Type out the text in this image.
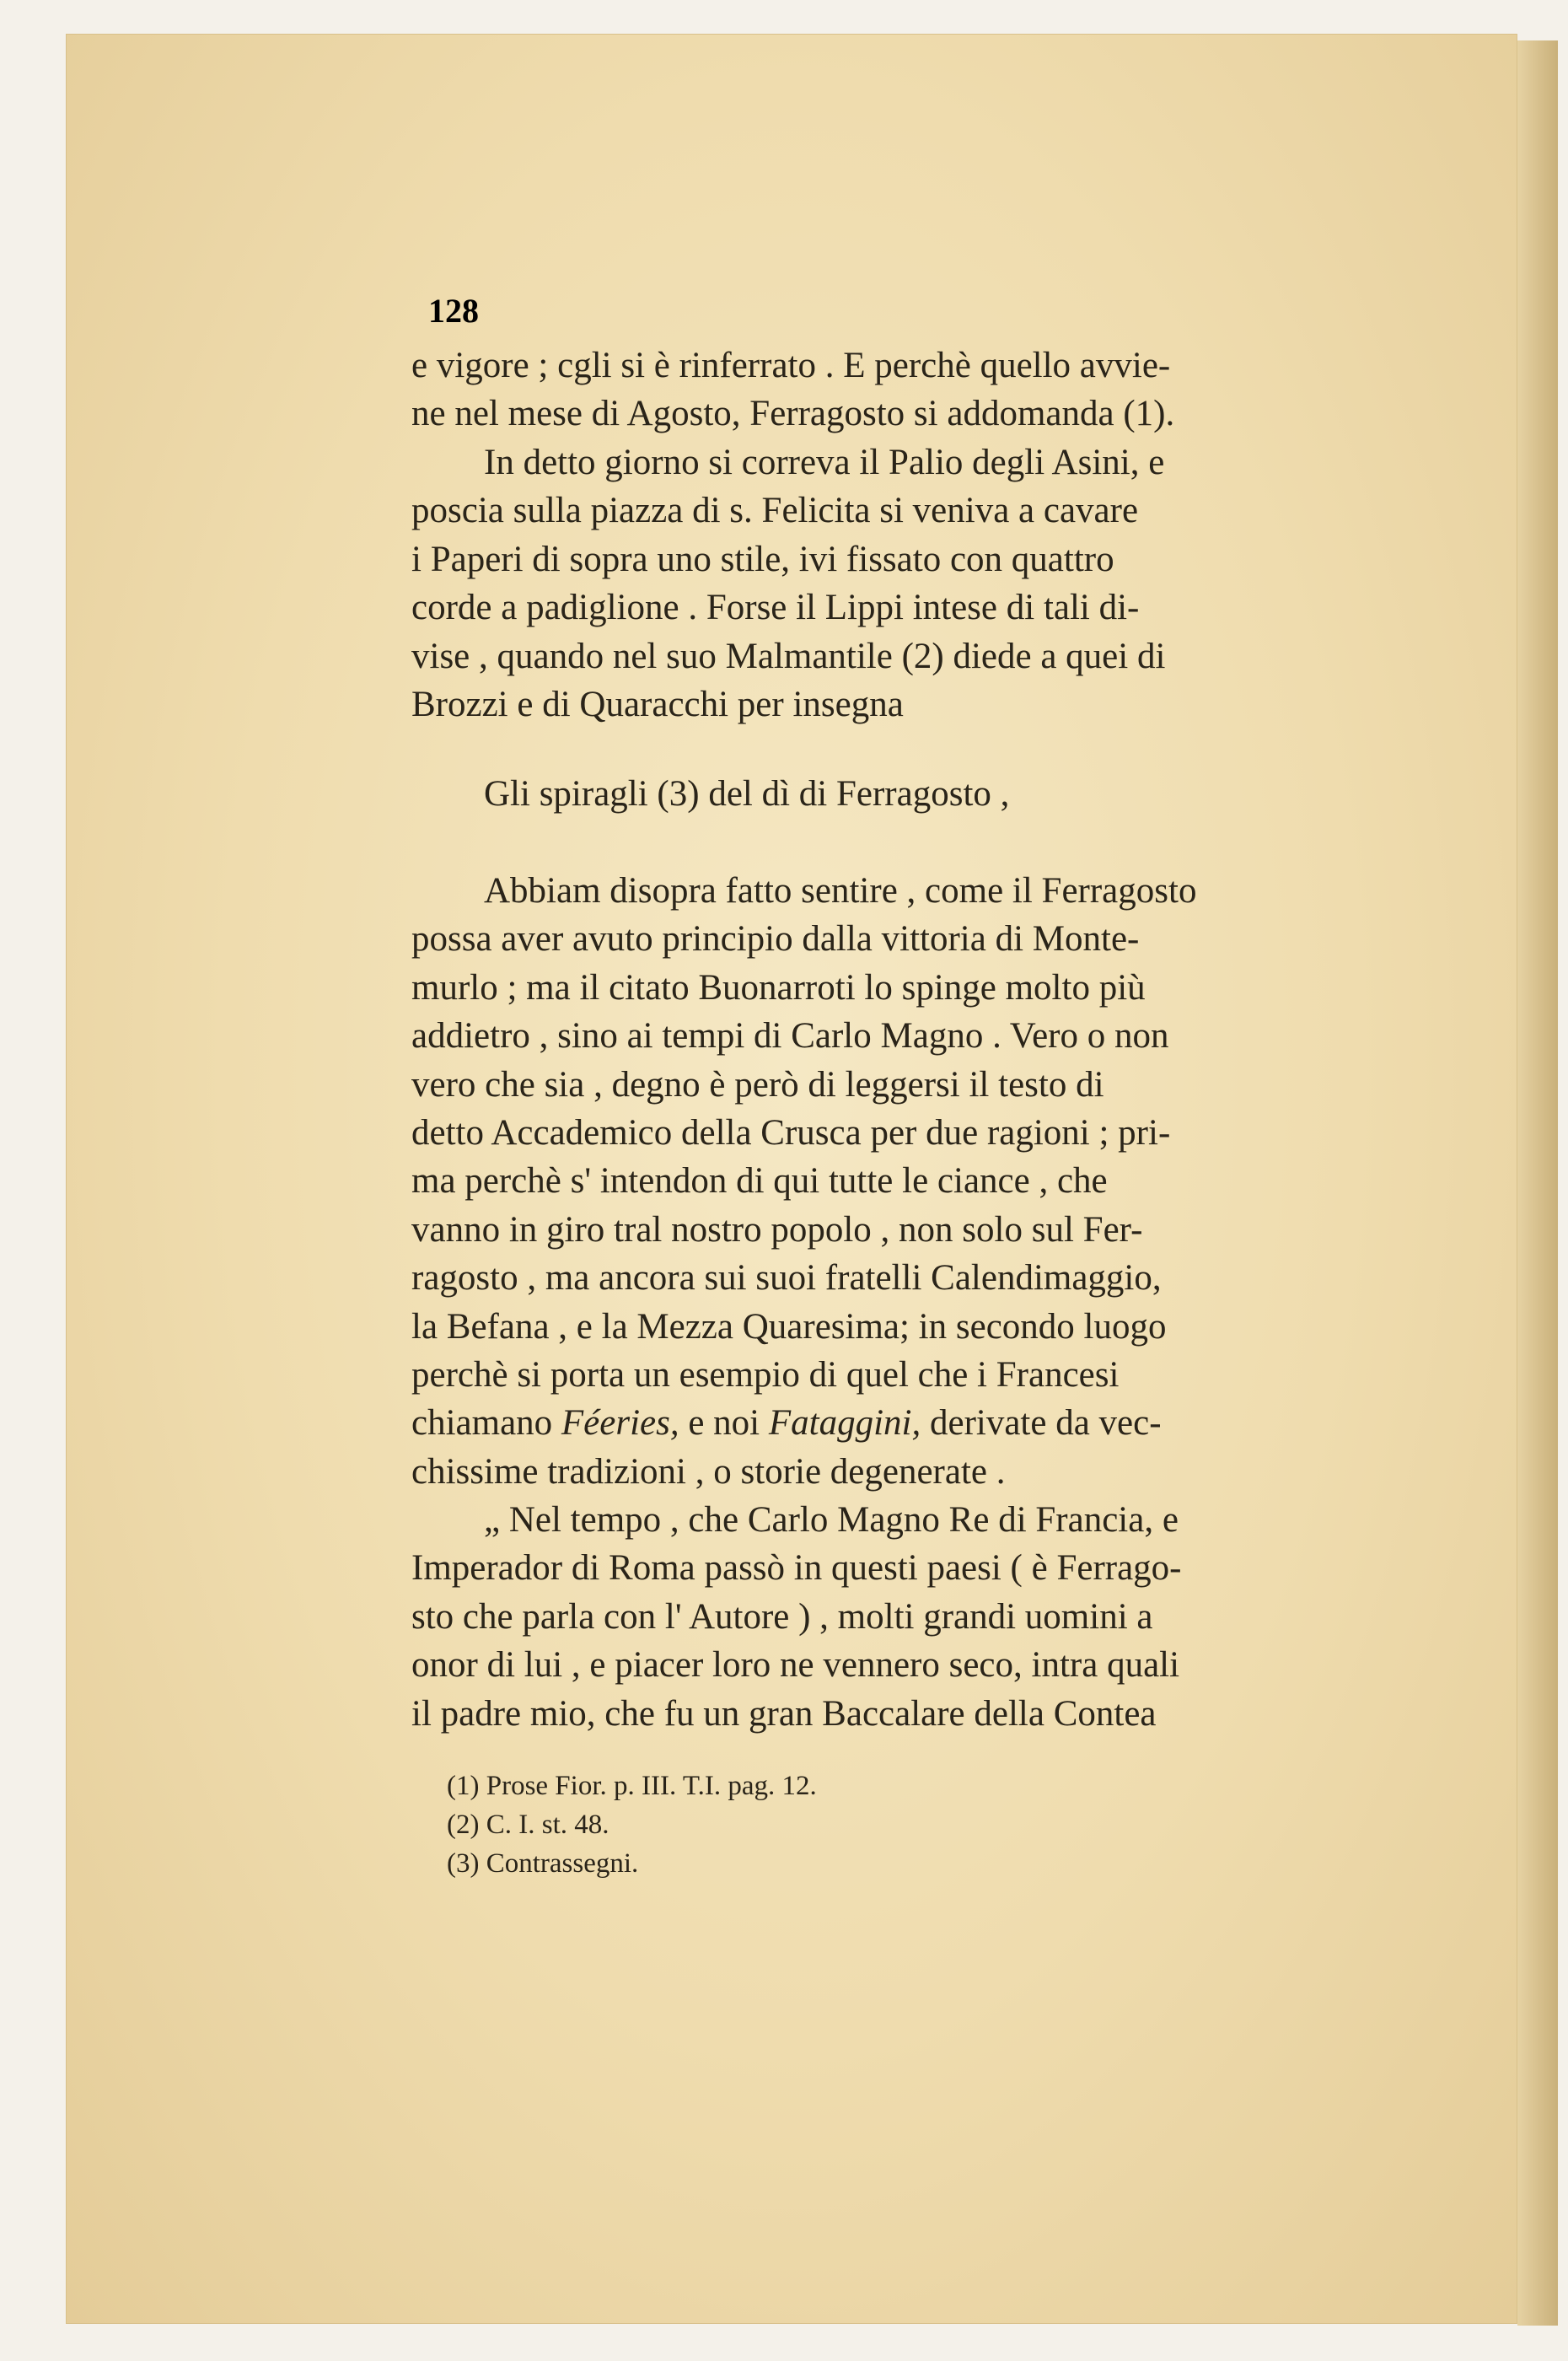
128

e vigore ; cgli si è rinferrato . E perchè quello avvie-
ne nel mese di Agosto, Ferragosto si addomanda (1).

In detto giorno si correva il Palio degli Asini, e
poscia sulla piazza di s. Felicita si veniva a cavare
i Paperi di sopra uno stile, ivi fissato con quattro
corde a padiglione . Forse il Lippi intese di tali di-
vise , quando nel suo Malmantile (2) diede a quei di
Brozzi e di Quaracchi per insegna

Gli spiragli (3) del dì di Ferragosto ,

Abbiam disopra fatto sentire , come il Ferragosto
possa aver avuto principio dalla vittoria di Monte-
murlo ; ma il citato Buonarroti lo spinge molto più
addietro , sino ai tempi di Carlo Magno . Vero o non
vero che sia , degno è però di leggersi il testo di
detto Accademico della Crusca per due ragioni ; pri-
ma perchè s' intendon di qui tutte le ciance , che
vanno in giro tral nostro popolo , non solo sul Fer-
ragosto , ma ancora sui suoi fratelli Calendimaggio,
la Befana , e la Mezza Quaresima; in secondo luogo
perchè si porta un esempio di quel che i Francesi
chiamano Féeries, e noi Fataggini, derivate da vec-
chissime tradizioni , o storie degenerate .

„ Nel tempo , che Carlo Magno Re di Francia, e
Imperador di Roma passò in questi paesi ( è Ferrago-
sto che parla con l' Autore ) , molti grandi uomini a
onor di lui , e piacer loro ne vennero seco, intra quali
il padre mio, che fu un gran Baccalare della Contea

(1) Prose Fior. p. III. T.I. pag. 12.
(2) C. I. st. 48.
(3) Contrassegni.
